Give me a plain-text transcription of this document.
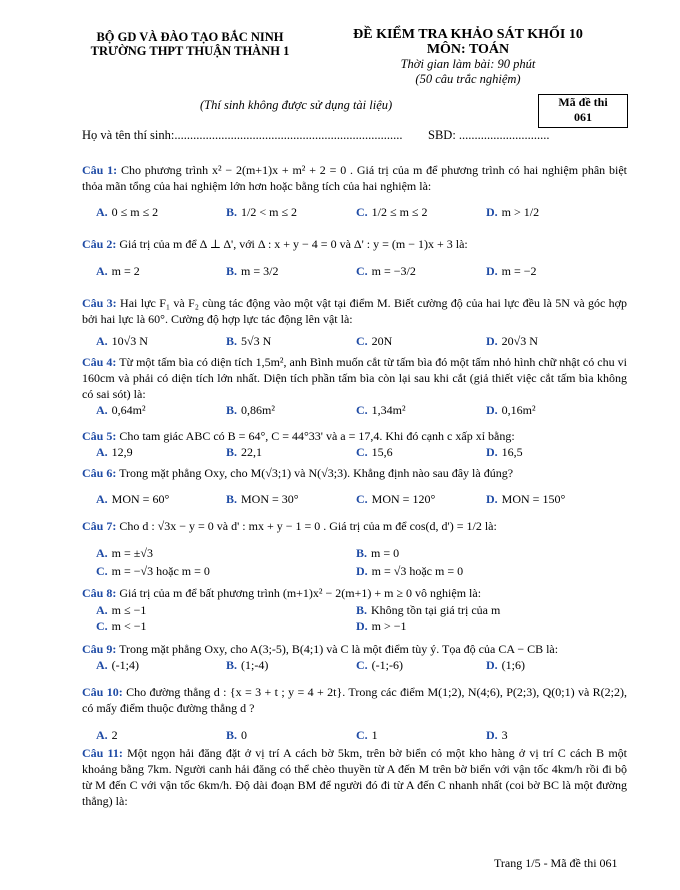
BỘ GD VÀ ĐÀO TẠO BẮC NINH
TRƯỜNG THPT THUẬN THÀNH 1
ĐỀ KIỂM TRA KHẢO SÁT KHỐI 10
MÔN: TOÁN
Thời gian làm bài: 90 phút
(50 câu trắc nghiệm)
(Thí sinh không được sử dụng tài liệu)	Mã đề thi
061
Họ và tên thí sinh:......................................................................... SBD: .............................
Câu 1: Cho phương trình x² − 2(m+1)x + m² + 2 = 0 . Giá trị của m để phương trình có hai nghiệm phân biệt thỏa mãn tổng của hai nghiệm lớn hơn hoặc bằng tích của hai nghiệm là:
A. 0 ≤ m ≤ 2	B. 1/2 < m ≤ 2	C. 1/2 ≤ m ≤ 2	D. m > 1/2
Câu 2: Giá trị của m để Δ ⊥ Δ', với Δ : x + y − 4 = 0 và Δ' : y = (m − 1)x + 3 là:
A. m = 2	B. m = 3/2	C. m = −3/2	D. m = −2
Câu 3: Hai lực F₁ và F₂ cùng tác động vào một vật tại điểm M. Biết cường độ của hai lực đều là 5N và góc hợp bởi hai lực là 60°. Cường độ hợp lực tác động lên vật là:
A. 10√3 N	B. 5√3 N	C. 20N	D. 20√3 N
Câu 4: Từ một tấm bìa có diện tích 1,5m², anh Bình muốn cắt từ tấm bìa đó một tấm nhỏ hình chữ nhật có chu vi 160cm và phải có diện tích lớn nhất. Diện tích phần tấm bìa còn lại sau khi cắt (giả thiết việc cắt tấm bìa không có sai sót) là:
A. 0,64m²	B. 0,86m²	C. 1,34m²	D. 0,16m²
Câu 5: Cho tam giác ABC có B = 64°, C = 44°33' và a = 17,4. Khi đó cạnh c xấp xỉ bằng:
A. 12,9	B. 22,1	C. 15,6	D. 16,5
Câu 6: Trong mặt phẳng Oxy, cho M(√3;1) và N(√3;3). Khẳng định nào sau đây là đúng?
A. MON = 60°	B. MON = 30°	C. MON = 120°	D. MON = 150°
Câu 7: Cho d : √3x − y = 0 và d' : mx + y − 1 = 0 . Giá trị của m để cos(d, d') = 1/2 là:
A. m = ±√3	B. m = 0
C. m = −√3 hoặc m = 0	D. m = √3 hoặc m = 0
Câu 8: Giá trị của m để bất phương trình (m+1)x² − 2(m+1) + m ≥ 0 vô nghiệm là:
A. m ≤ −1	B. Không tồn tại giá trị của m
C. m < −1	D. m > −1
Câu 9: Trong mặt phẳng Oxy, cho A(3;-5), B(4;1) và C là một điểm tùy ý. Tọa độ của CA − CB là:
A. (-1;4)	B. (1;-4)	C. (-1;-6)	D. (1;6)
Câu 10: Cho đường thẳng d : {x = 3 + t ; y = 4 + 2t}. Trong các điểm M(1;2), N(4;6), P(2;3), Q(0;1) và R(2;2), có mấy điểm thuộc đường thẳng d ?
A. 2	B. 0	C. 1	D. 3
Câu 11: Một ngọn hải đăng đặt ở vị trí A cách bờ 5km, trên bờ biển có một kho hàng ở vị trí C cách B một khoảng bằng 7km. Người canh hải đăng có thể chèo thuyền từ A đến M trên bờ biển với vận tốc 4km/h rồi đi bộ từ M đến C với vận tốc 6km/h. Độ dài đoạn BM để người đó đi từ A đến C nhanh nhất (coi bờ BC là một đường thẳng) là:
Trang 1/5 - Mã đề thi 061
